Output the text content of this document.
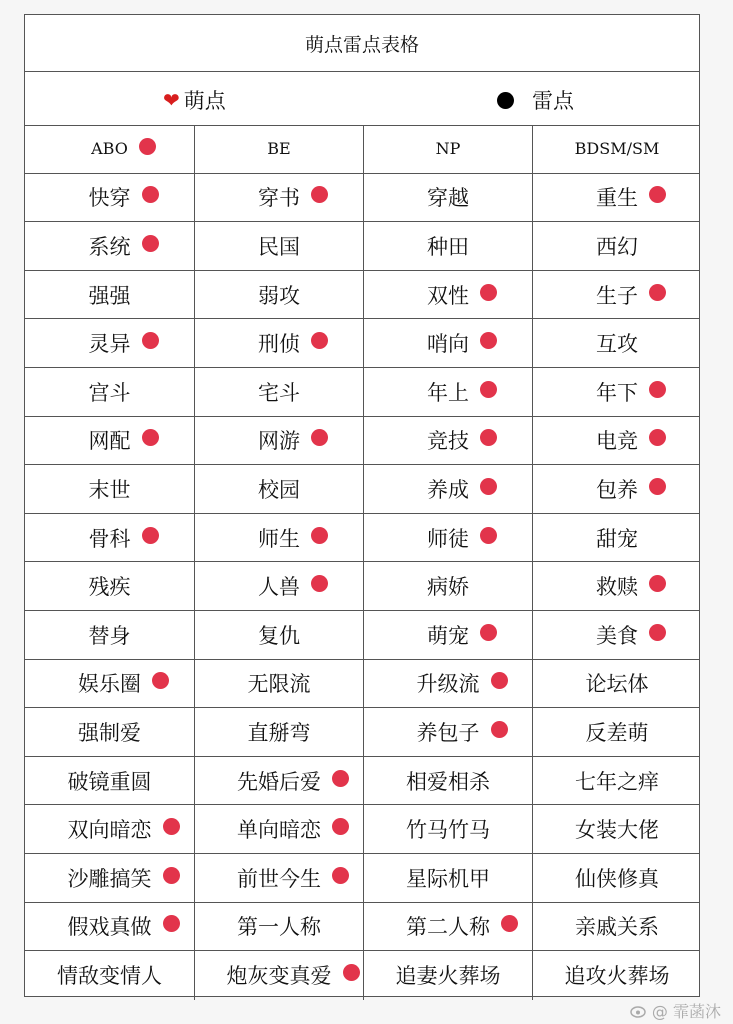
萌点雷点表格
❤ 萌点	雷点
ABO	BE	NP	BDSM/SM
快穿	穿书	穿越	重生
系统	民国	种田	西幻
强强	弱攻	双性	生子
灵异	刑侦	哨向	互攻
宫斗	宅斗	年上	年下
网配	网游	竞技	电竞
末世	校园	养成	包养
骨科	师生	师徒	甜宠
残疾	人兽	病娇	救赎
替身	复仇	萌宠	美食
娱乐圈	无限流	升级流	论坛体
强制爱	直掰弯	养包子	反差萌
破镜重圆	先婚后爱	相爱相杀	七年之痒
双向暗恋	单向暗恋	竹马竹马	女装大佬
沙雕搞笑	前世今生	星际机甲	仙侠修真
假戏真做	第一人称	第二人称	亲戚关系
情敌变情人	炮灰变真爱	追妻火葬场	追攻火葬场
@ 霏菡沐
